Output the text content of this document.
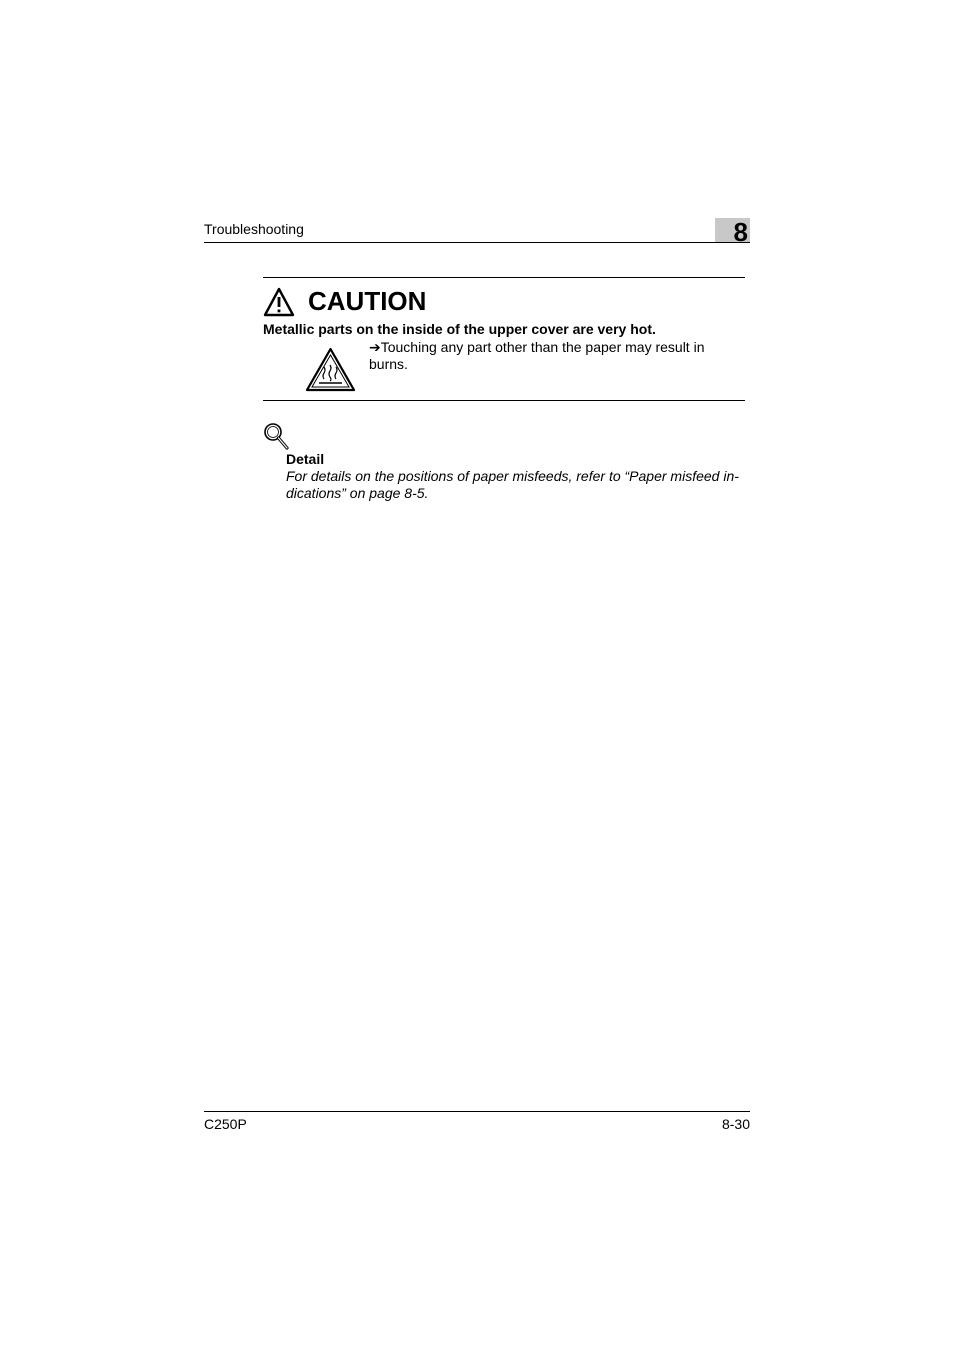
Troubleshooting	8
CAUTION
Metallic parts on the inside of the upper cover are very hot.
➔Touching any part other than the paper may result in burns.
Detail
For details on the positions of paper misfeeds, refer to “Paper misfeed in-dications” on page 8-5.
C250P	8-30
